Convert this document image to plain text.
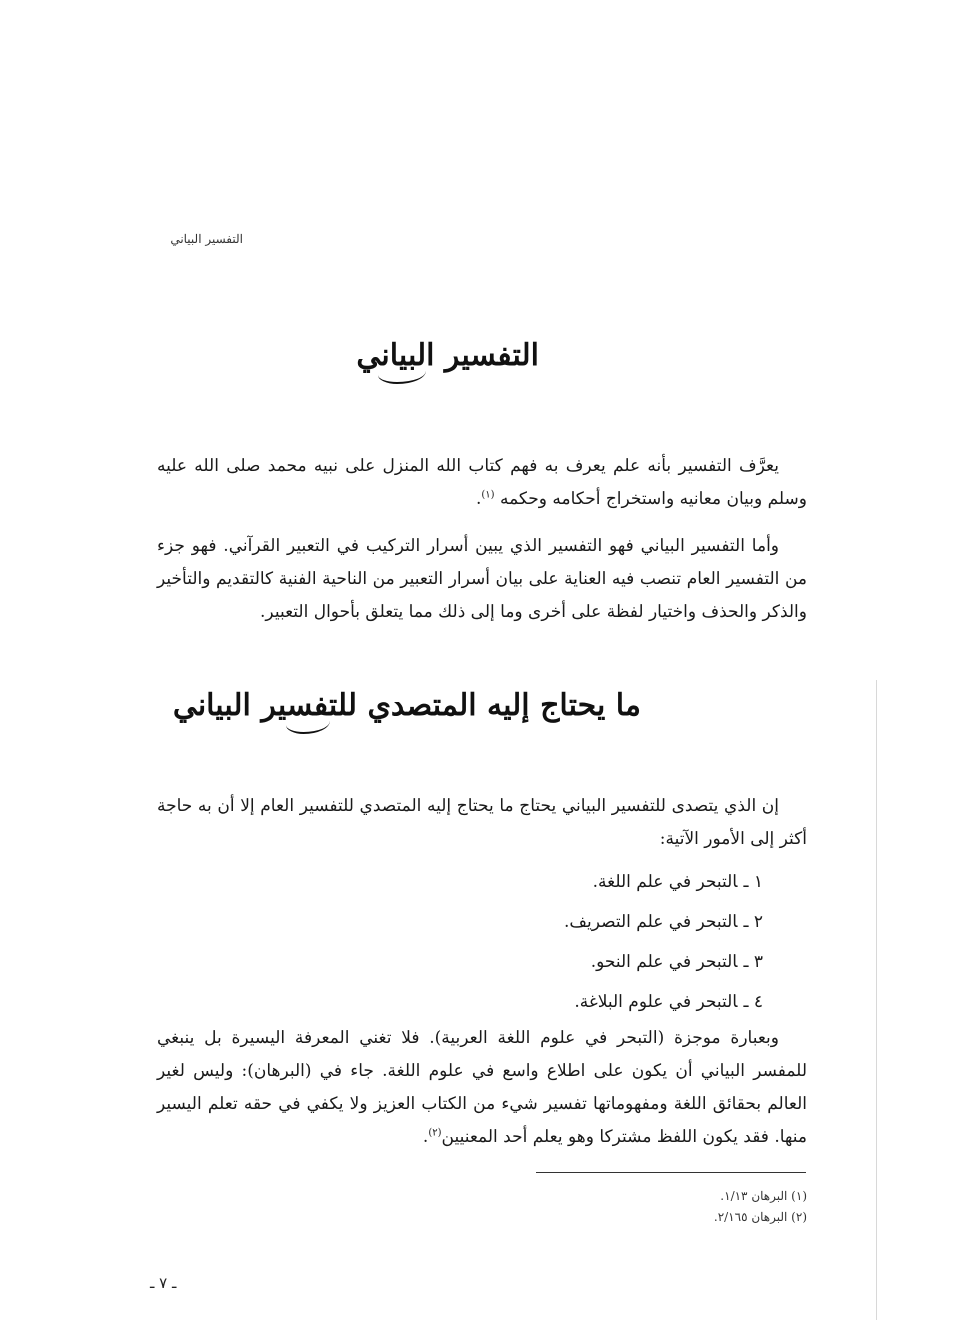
التفسير البياني
التفسير البياني

يعرَّف التفسير بأنه علم يعرف به فهم كتاب الله المنزل على نبيه محمد صلى الله عليه وسلم وبيان معانيه واستخراج أحكامه وحكمه $^{(١)}$.

وأما التفسير البياني فهو التفسير الذي يبين أسرار التركيب في التعبير القرآني. فهو جزء من التفسير العام تنصب فيه العناية على بيان أسرار التعبير من الناحية الفنية كالتقديم والتأخير والذكر والحذف واختيار لفظة على أخرى وما إلى ذلك مما يتعلق بأحوال التعبير.

ما يحتاج إليه المتصدي للتفسير البياني

إن الذي يتصدى للتفسير البياني يحتاج ما يحتاج إليه المتصدي للتفسير العام إلا أن به حاجة أكثر إلى الأمور الآتية:

١ ـالتبحر في علم اللغة.
٢ ـالتبحر في علم التصريف.
٣ ـالتبحر في علم النحو.
٤ ـالتبحر في علوم البلاغة.

وبعبارة موجزة (التبحر في علوم اللغة العربية). فلا تغني المعرفة اليسيرة بل ينبغي للمفسر البياني أن يكون على اطلاع واسع في علوم اللغة. جاء في (البرهان): وليس لغير العالم بحقائق اللغة ومفهوماتها تفسير شيء من الكتاب العزيز ولا يكفي في حقه تعلم اليسير منها. فقد يكون اللفظ مشتركا وهو يعلم أحد المعنيين$^{(٢)}$.

(١) البرهان ١/١٣.
(٢) البرهان ٢/١٦٥.
ـ ٧ ـ
